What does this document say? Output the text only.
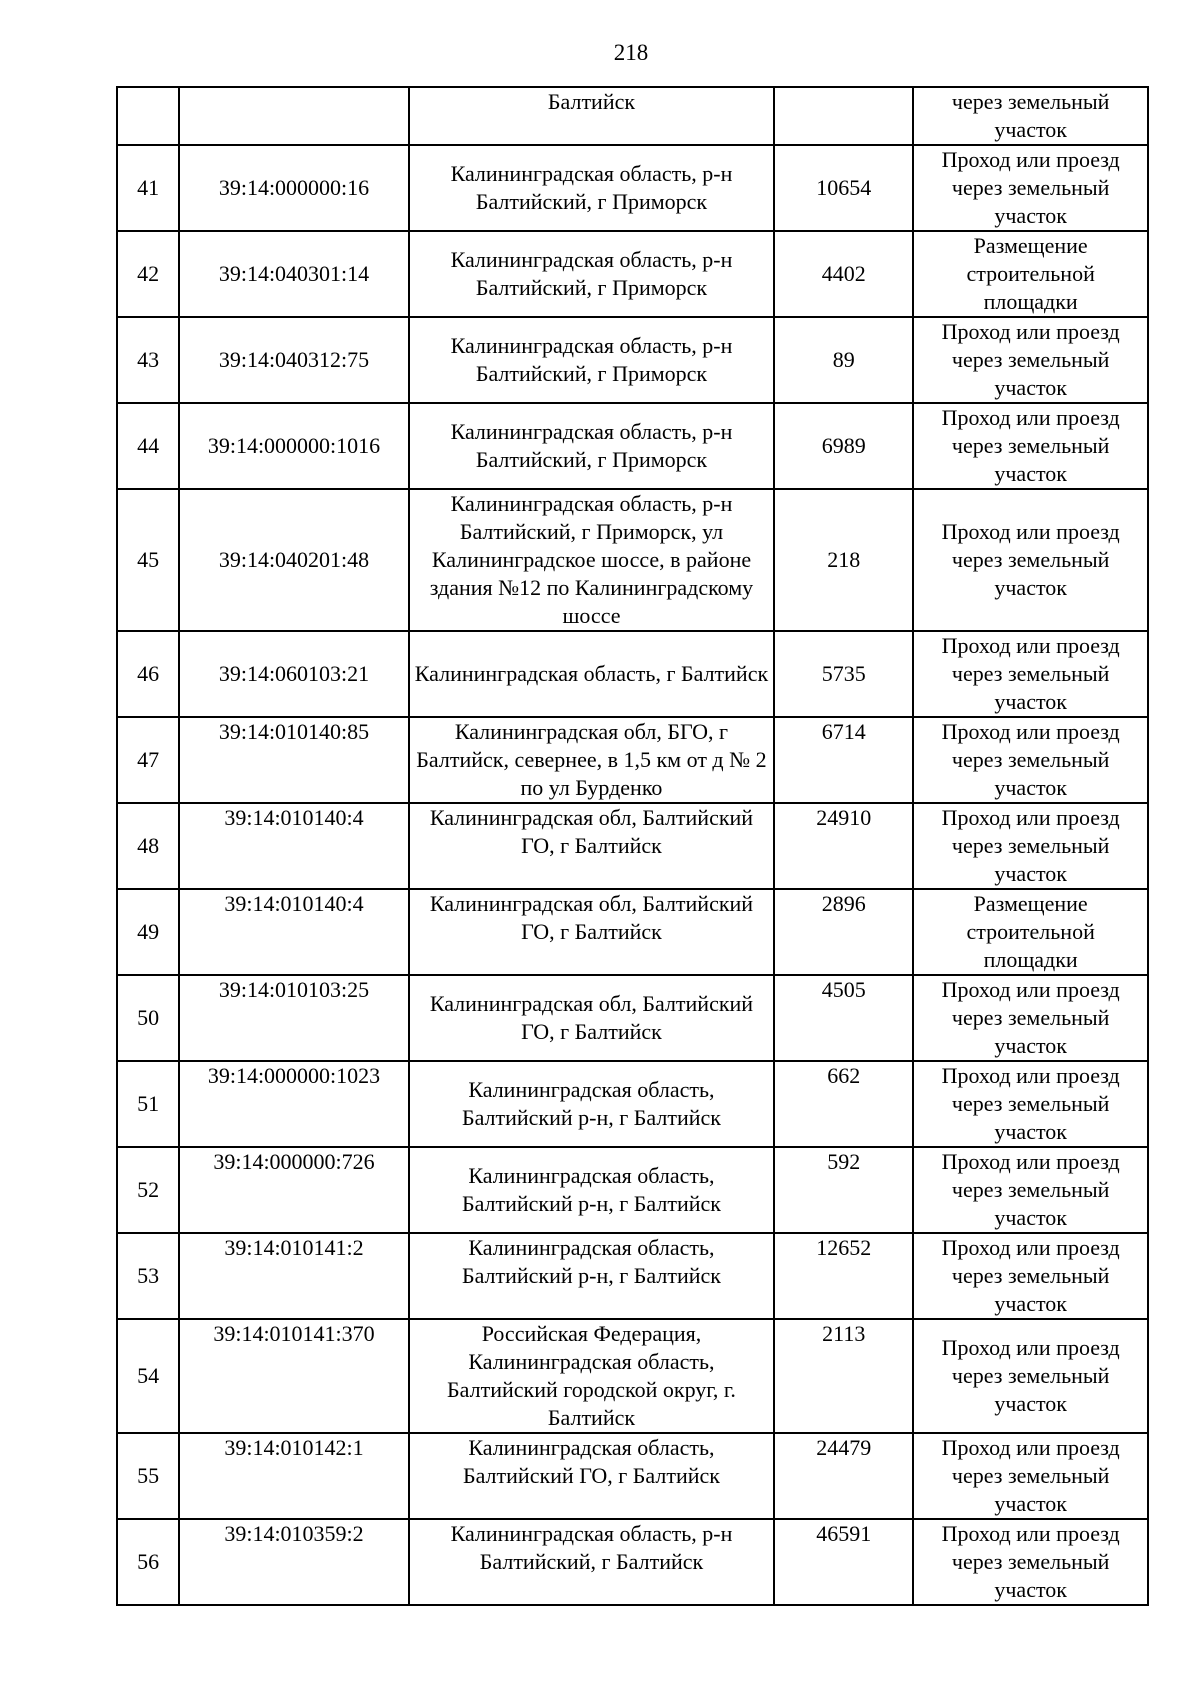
218
		Балтийск		через земельный участок
41	39:14:000000:16	Калининградская область, р-н Балтийский, г Приморск	10654	Проход или проезд через земельный участок
42	39:14:040301:14	Калининградская область, р-н Балтийский, г Приморск	4402	Размещение строительной площадки
43	39:14:040312:75	Калининградская область, р-н Балтийский, г Приморск	89	Проход или проезд через земельный участок
44	39:14:000000:1016	Калининградская область, р-н Балтийский, г Приморск	6989	Проход или проезд через земельный участок
45	39:14:040201:48	Калининградская область, р-н Балтийский, г Приморск, ул Калининградское шоссе, в районе здания №12 по Калининградскому шоссе	218	Проход или проезд через земельный участок
46	39:14:060103:21	Калининградская область, г Балтийск	5735	Проход или проезд через земельный участок
47	39:14:010140:85	Калининградская обл, БГО, г Балтийск, севернее, в 1,5 км от д № 2 по ул Бурденко	6714	Проход или проезд через земельный участок
48	39:14:010140:4	Калининградская обл, Балтийский ГО, г Балтийск	24910	Проход или проезд через земельный участок
49	39:14:010140:4	Калининградская обл, Балтийский ГО, г Балтийск	2896	Размещение строительной площадки
50	39:14:010103:25	Калининградская обл, Балтийский ГО, г Балтийск	4505	Проход или проезд через земельный участок
51	39:14:000000:1023	Калининградская область, Балтийский р-н, г Балтийск	662	Проход или проезд через земельный участок
52	39:14:000000:726	Калининградская область, Балтийский р-н, г Балтийск	592	Проход или проезд через земельный участок
53	39:14:010141:2	Калининградская область, Балтийский р-н, г Балтийск	12652	Проход или проезд через земельный участок
54	39:14:010141:370	Российская Федерация, Калининградская область, Балтийский городской округ, г. Балтийск	2113	Проход или проезд через земельный участок
55	39:14:010142:1	Калининградская область, Балтийский ГО, г Балтийск	24479	Проход или проезд через земельный участок
56	39:14:010359:2	Калининградская область, р-н Балтийский, г Балтийск	46591	Проход или проезд через земельный участок
